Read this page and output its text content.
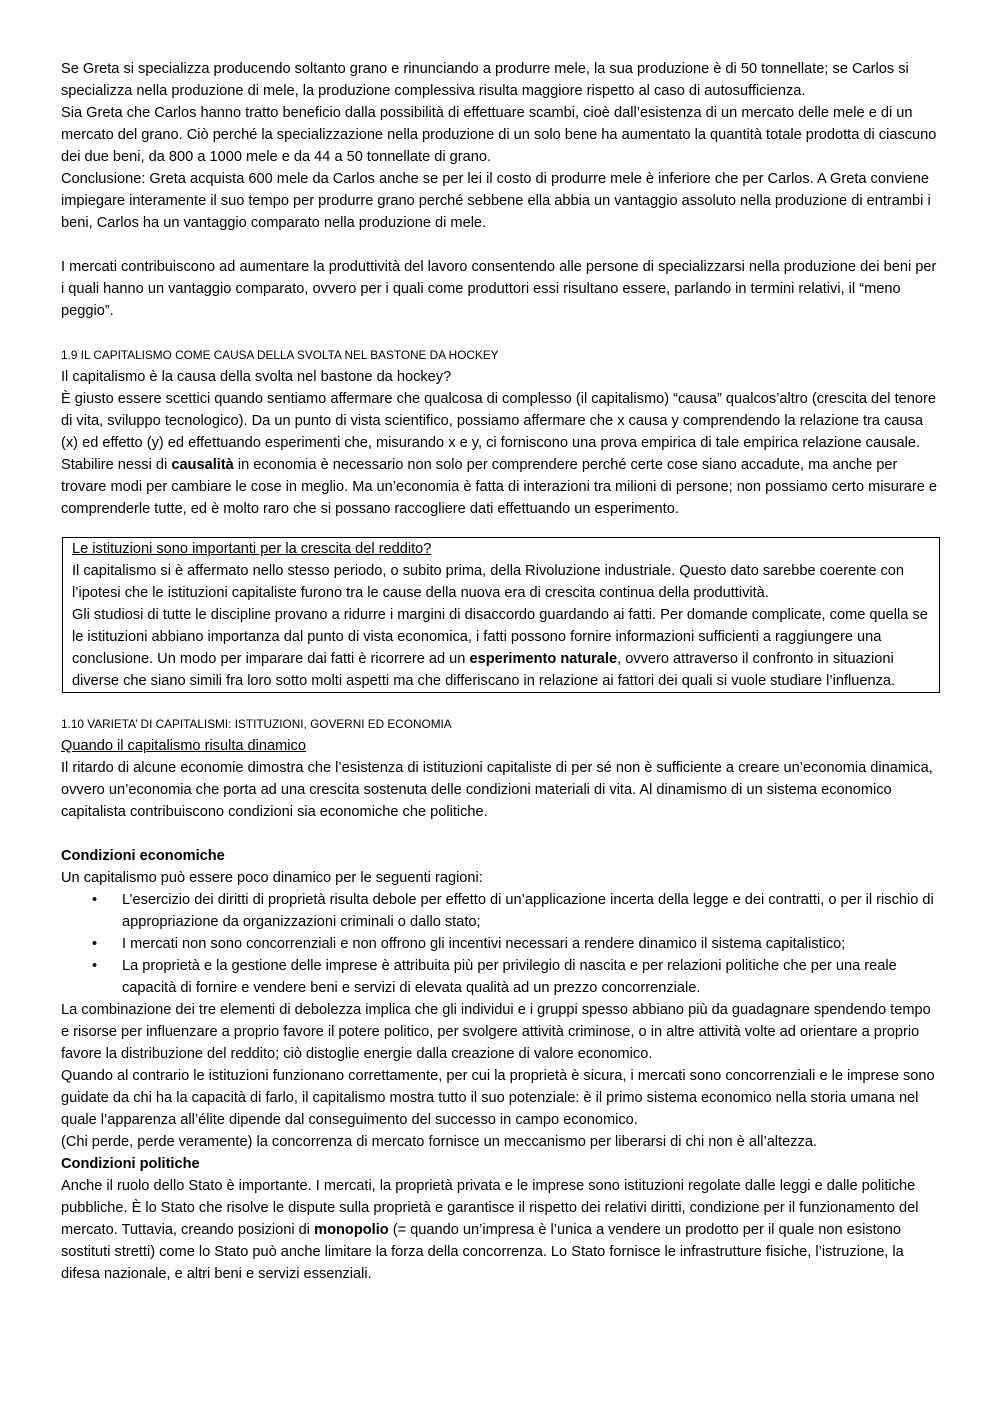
Se Greta si specializza producendo soltanto grano e rinunciando a produrre mele, la sua produzione è di 50 tonnellate; se Carlos si specializza nella produzione di mele, la produzione complessiva risulta maggiore rispetto al caso di autosufficienza.

Sia Greta che Carlos hanno tratto beneficio dalla possibilità di effettuare scambi, cioè dall’esistenza di un mercato delle mele e di un mercato del grano. Ciò perché la specializzazione nella produzione di un solo bene ha aumentato la quantità totale prodotta di ciascuno dei due beni, da 800 a 1000 mele e da 44 a 50 tonnellate di grano.

Conclusione: Greta acquista 600 mele da Carlos anche se per lei il costo di produrre mele è inferiore che per Carlos. A Greta conviene impiegare interamente il suo tempo per produrre grano perché sebbene ella abbia un vantaggio assoluto nella produzione di entrambi i beni, Carlos ha un vantaggio comparato nella produzione di mele.

I mercati contribuiscono ad aumentare la produttività del lavoro consentendo alle persone di specializzarsi nella produzione dei beni per i quali hanno un vantaggio comparato, ovvero per i quali come produttori essi risultano essere, parlando in termini relativi, il “meno peggio”.

1.9 IL CAPITALISMO COME CAUSA DELLA SVOLTA NEL BASTONE DA HOCKEY

Il capitalismo è la causa della svolta nel bastone da hockey?

È giusto essere scettici quando sentiamo affermare che qualcosa di complesso (il capitalismo) “causa” qualcos’altro (crescita del tenore di vita, sviluppo tecnologico). Da un punto di vista scientifico, possiamo affermare che x causa y comprendendo la relazione tra causa (x) ed effetto (y) ed effettuando esperimenti che, misurando x e y, ci forniscono una prova empirica di tale empirica relazione causale.

Stabilire nessi di causalità in economia è necessario non solo per comprendere perché certe cose siano accadute, ma anche per trovare modi per cambiare le cose in meglio. Ma un’economia è fatta di interazioni tra milioni di persone; non possiamo certo misurare e comprenderle tutte, ed è molto raro che si possano raccogliere dati effettuando un esperimento.

Le istituzioni sono importanti per la crescita del reddito?

Il capitalismo si è affermato nello stesso periodo, o subito prima, della Rivoluzione industriale. Questo dato sarebbe coerente con l’ipotesi che le istituzioni capitaliste furono tra le cause della nuova era di crescita continua della produttività.

Gli studiosi di tutte le discipline provano a ridurre i margini di disaccordo guardando ai fatti. Per domande complicate, come quella se le istituzioni abbiano importanza dal punto di vista economica, i fatti possono fornire informazioni sufficienti a raggiungere una conclusione. Un modo per imparare dai fatti è ricorrere ad un esperimento naturale, ovvero attraverso il confronto in situazioni diverse che siano simili fra loro sotto molti aspetti ma che differiscano in relazione ai fattori dei quali si vuole studiare l’influenza.

1.10 VARIETA’ DI CAPITALISMI: ISTITUZIONI, GOVERNI ED ECONOMIA

Quando il capitalismo risulta dinamico

Il ritardo di alcune economie dimostra che l’esistenza di istituzioni capitaliste di per sé non è sufficiente a creare un’economia dinamica, ovvero un’economia che porta ad una crescita sostenuta delle condizioni materiali di vita. Al dinamismo di un sistema economico capitalista contribuiscono condizioni sia economiche che politiche.

Condizioni economiche

Un capitalismo può essere poco dinamico per le seguenti ragioni:

• L’esercizio dei diritti di proprietà risulta debole per effetto di un’applicazione incerta della legge e dei contratti, o per il rischio di appropriazione da organizzazioni criminali o dallo stato;
• I mercati non sono concorrenziali e non offrono gli incentivi necessari a rendere dinamico il sistema capitalistico;
• La proprietà e la gestione delle imprese è attribuita più per privilegio di nascita e per relazioni politiche che per una reale capacità di fornire e vendere beni e servizi di elevata qualità ad un prezzo concorrenziale.

La combinazione dei tre elementi di debolezza implica che gli individui e i gruppi spesso abbiano più da guadagnare spendendo tempo e risorse per influenzare a proprio favore il potere politico, per svolgere attività criminose, o in altre attività volte ad orientare a proprio favore la distribuzione del reddito; ciò distoglie energie dalla creazione di valore economico.

Quando al contrario le istituzioni funzionano correttamente, per cui la proprietà è sicura, i mercati sono concorrenziali e le imprese sono guidate da chi ha la capacità di farlo, il capitalismo mostra tutto il suo potenziale: è il primo sistema economico nella storia umana nel quale l’apparenza all’élite dipende dal conseguimento del successo in campo economico.

(Chi perde, perde veramente) la concorrenza di mercato fornisce un meccanismo per liberarsi di chi non è all’altezza.

Condizioni politiche

Anche il ruolo dello Stato è importante. I mercati, la proprietà privata e le imprese sono istituzioni regolate dalle leggi e dalle politiche pubbliche. È lo Stato che risolve le dispute sulla proprietà e garantisce il rispetto dei relativi diritti, condizione per il funzionamento del mercato. Tuttavia, creando posizioni di monopolio (= quando un’impresa è l’unica a vendere un prodotto per il quale non esistono sostituti stretti) come lo Stato può anche limitare la forza della concorrenza. Lo Stato fornisce le infrastrutture fisiche, l’istruzione, la difesa nazionale, e altri beni e servizi essenziali.
